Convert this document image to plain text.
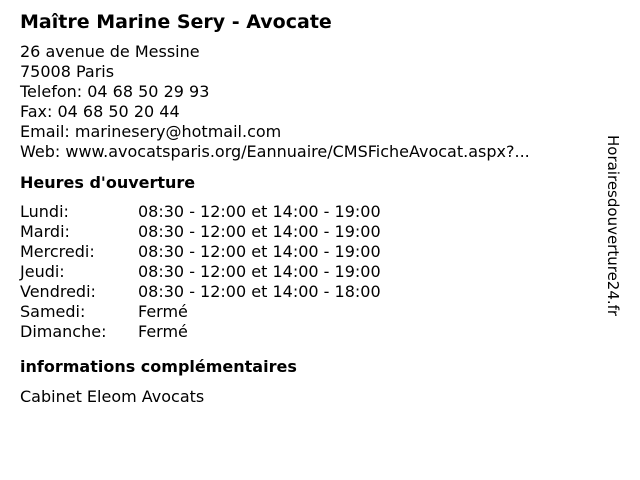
Maître Marine Sery - Avocate
26 avenue de Messine
75008 Paris
Telefon: 04 68 50 29 93
Fax: 04 68 50 20 44
Email: marinesery@hotmail.com
Web: www.avocatsparis.org/Eannuaire/CMSFicheAvocat.aspx?...
Heures d'ouverture
Lundi:	08:30 - 12:00 et 14:00 - 19:00
Mardi:	08:30 - 12:00 et 14:00 - 19:00
Mercredi:	08:30 - 12:00 et 14:00 - 19:00
Jeudi:	08:30 - 12:00 et 14:00 - 19:00
Vendredi:	08:30 - 12:00 et 14:00 - 18:00
Samedi:	Fermé
Dimanche:	Fermé
informations complémentaires
Cabinet Eleom Avocats
Horairesdouverture24.fr
